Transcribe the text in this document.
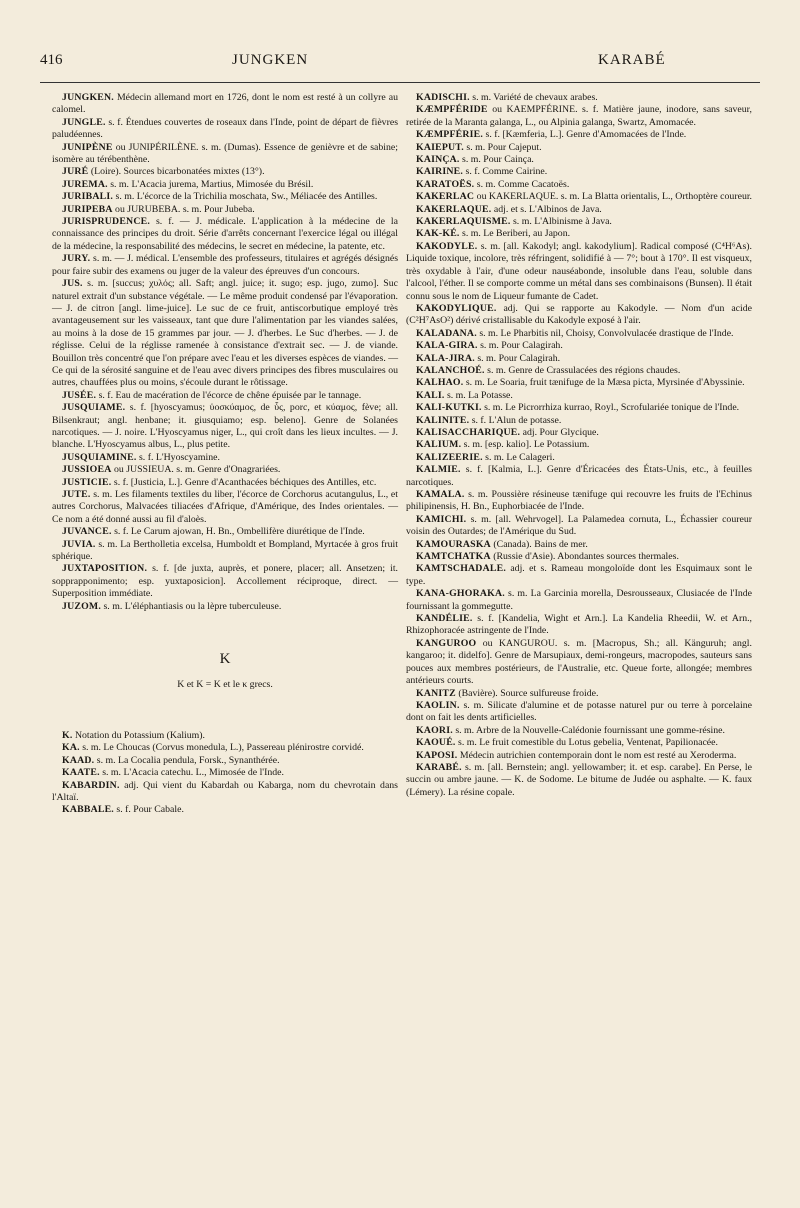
416	JUNGKEN	KARABÉ

JUNGKEN. Médecin allemand mort en 1726, dont le nom est resté à un collyre au calomel.

JUNGLE. s. f. Étendues couvertes de roseaux dans l'Inde, point de départ de fièvres paludéennes.

JUNIPÈNE ou JUNIPÉRILÈNE. s. m. (Dumas). Essence de genièvre et de sabine; isomère au térébenthène.

JURÉ (Loire). Sources bicarbonatées mixtes (13°).

JUREMA. s. m. L'Acacia jurema, Martius, Mimosée du Brésil.

JURIBALI. s. m. L'écorce de la Trichilia moschata, Sw., Méliacée des Antilles.

JURIPEBA ou JURUBEBA. s. m. Pour Jubeba.

JURISPRUDENCE. s. f. — J. médicale. L'application à la médecine de la connaissance des principes du droit. Série d'arrêts concernant l'exercice légal ou illégal de la médecine, la responsabilité des médecins, le secret en médecine, la patente, etc.

JURY. s. m. — J. médical. L'ensemble des professeurs, titulaires et agrégés désignés pour faire subir des examens ou juger de la valeur des épreuves d'un concours.

JUS. s. m. [succus; χυλός; all. Saft; angl. juice; it. sugo; esp. jugo, zumo]. Suc naturel extrait d'un substance végétale. — Le même produit condensé par l'évaporation. — J. de citron [angl. lime-juice]. Le suc de ce fruit, antiscorbutique employé très avantageusement sur les vaisseaux, tant que dure l'alimentation par les viandes salées, au moins à la dose de 15 grammes par jour. — J. d'herbes. Le Suc d'herbes. — J. de réglisse. Celui de la réglisse ramenée à consistance d'extrait sec. — J. de viande. Bouillon très concentré que l'on prépare avec l'eau et les diverses espèces de viandes. — Ce qui de la sérosité sanguine et de l'eau avec divers principes des fibres musculaires ou autres, chauffées plus ou moins, s'écoule durant le rôtissage.

JUSÉE. s. f. Eau de macération de l'écorce de chêne épuisée par le tannage.

JUSQUIAME. s. f. [hyoscyamus; ὑοσκύαμος, de ὗς, porc, et κύαμος, fève; all. Bilsenkraut; angl. henbane; it. giusquiamo; esp. beleno]. Genre de Solanées narcotiques. — J. noire. L'Hyoscyamus niger, L., qui croît dans les lieux incultes. — J. blanche. L'Hyoscyamus albus, L., plus petite.

JUSQUIAMINE. s. f. L'Hyoscyamine.

JUSSIOEA ou JUSSIEUA. s. m. Genre d'Onagrariées.

JUSTICIE. s. f. [Justicia, L.]. Genre d'Acanthacées béchiques des Antilles, etc.

JUTE. s. m. Les filaments textiles du liber, l'écorce de Corchorus acutangulus, L., et autres Corchorus, Malvacées tiliacées d'Afrique, d'Amérique, des Indes orientales. — Ce nom a été donné aussi au fil d'aloès.

JUVANCE. s. f. Le Carum ajowan, H. Bn., Ombellifère diurétique de l'Inde.

JUVIA. s. m. La Bertholletia excelsa, Humboldt et Bompland, Myrtacée à gros fruit sphérique.

JUXTAPOSITION. s. f. [de juxta, auprès, et ponere, placer; all. Ansetzen; it. sopprapponimento; esp. yuxtaposicion]. Accollement réciproque, direct. — Superposition immédiate.

JUZOM. s. m. L'éléphantiasis ou la lèpre tuberculeuse.

K

K et K = K et le κ grecs.

K. Notation du Potassium (Kalium).

KA. s. m. Le Choucas (Corvus monedula, L.), Passereau plénirostre corvidé.

KAAD. s. m. La Cocalia pendula, Forsk., Synanthérée.

KAATE. s. m. L'Acacia catechu. L., Mimosée de l'Inde.

KABARDIN. adj. Qui vient du Kabardah ou Kabarga, nom du chevrotain dans l'Altaï.

KABBALE. s. f. Pour Cabale.

KADISCHI. s. m. Variété de chevaux arabes.

KÆMPFÉRIDE ou KAEMPFÉRINE. s. f. Matière jaune, inodore, sans saveur, retirée de la Maranta galanga, L., ou Alpinia galanga, Swartz, Amomacée.

KÆMPFÉRIE. s. f. [Kæmferia, L.]. Genre d'Amomacées de l'Inde.

KAIEPUT. s. m. Pour Cajeput.

KAINÇA. s. m. Pour Cainça.

KAIRINE. s. f. Comme Cairine.

KARATOËS. s. m. Comme Cacatoës.

KAKERLAC ou KAKERLAQUE. s. m. La Blatta orientalis, L., Orthoptère coureur.

KAKERLAQUE. adj. et s. L'Albinos de Java.

KAKERLAQUISME. s. m. L'Albinisme à Java.

KAK-KÉ. s. m. Le Beriberi, au Japon.

KAKODYLE. s. m. [all. Kakodyl; angl. kakodylium]. Radical composé (C⁴H⁶As). Liquide toxique, incolore, très réfringent, solidifié à — 7°; bout à 170°. Il est visqueux, très oxydable à l'air, d'une odeur nauséabonde, insoluble dans l'eau, soluble dans l'alcool, l'éther. Il se comporte comme un métal dans ses combinaisons (Bunsen). Il était connu sous le nom de Liqueur fumante de Cadet.

KAKODYLIQUE. adj. Qui se rapporte au Kakodyle. — Nom d'un acide (C²H⁷AsO²) dérivé cristallisable du Kakodyle exposé à l'air.

KALADANA. s. m. Le Pharbitis nil, Choisy, Convolvulacée drastique de l'Inde.

KALA-GIRA. s. m. Pour Calagirah.

KALA-JIRA. s. m. Pour Calagirah.

KALANCHOÉ. s. m. Genre de Crassulacées des régions chaudes.

KALHAO. s. m. Le Soaria, fruit tænifuge de la Mæsa picta, Myrsinée d'Abyssinie.

KALI. s. m. La Potasse.

KALI-KUTKI. s. m. Le Picrorrhiza kurrao, Royl., Scrofulariée tonique de l'Inde.

KALINITE. s. f. L'Alun de potasse.

KALISACCHARIQUE. adj. Pour Glycique.

KALIUM. s. m. [esp. kalio]. Le Potassium.

KALIZEERIE. s. m. Le Calageri.

KALMIE. s. f. [Kalmia, L.]. Genre d'Éricacées des États-Unis, etc., à feuilles narcotiques.

KAMALA. s. m. Poussière résineuse tænifuge qui recouvre les fruits de l'Echinus philipinensis, H. Bn., Euphorbiacée de l'Inde.

KAMICHI. s. m. [all. Wehrvogel]. La Palamedea cornuta, L., Échassier coureur voisin des Outardes; de l'Amérique du Sud.

KAMOURASKA (Canada). Bains de mer.

KAMTCHATKA (Russie d'Asie). Abondantes sources thermales.

KAMTSCHADALE. adj. et s. Rameau mongoloïde dont les Esquimaux sont le type.

KANA-GHORAKA. s. m. La Garcinia morella, Desrousseaux, Clusiacée de l'Inde fournissant la gommegutte.

KANDÉLIE. s. f. [Kandelia, Wight et Arn.]. La Kandelia Rheedii, W. et Arn., Rhizophoracée astringente de l'Inde.

KANGUROO ou KANGUROU. s. m. [Macropus, Sh.; all. Känguruh; angl. kangaroo; it. didelfo]. Genre de Marsupiaux, demi-rongeurs, macropodes, sauteurs sans pouces aux membres postérieurs, de l'Australie, etc. Queue forte, allongée; membres antérieurs courts.

KANITZ (Bavière). Source sulfureuse froide.

KAOLIN. s. m. Silicate d'alumine et de potasse naturel pur ou terre à porcelaine dont on fait les dents artificielles.

KAORI. s. m. Arbre de la Nouvelle-Calédonie fournissant une gomme-résine.

KAOUÉ. s. m. Le fruit comestible du Lotus gebelia, Ventenat, Papilionacée.

KAPOSI. Médecin autrichien contemporain dont le nom est resté au Xeroderma.

KARABÉ. s. m. [all. Bernstein; angl. yellowamber; it. et esp. carabe]. En Perse, le succin ou ambre jaune. — K. de Sodome. Le bitume de Judée ou asphalte. — K. faux (Lémery). La résine copale.
